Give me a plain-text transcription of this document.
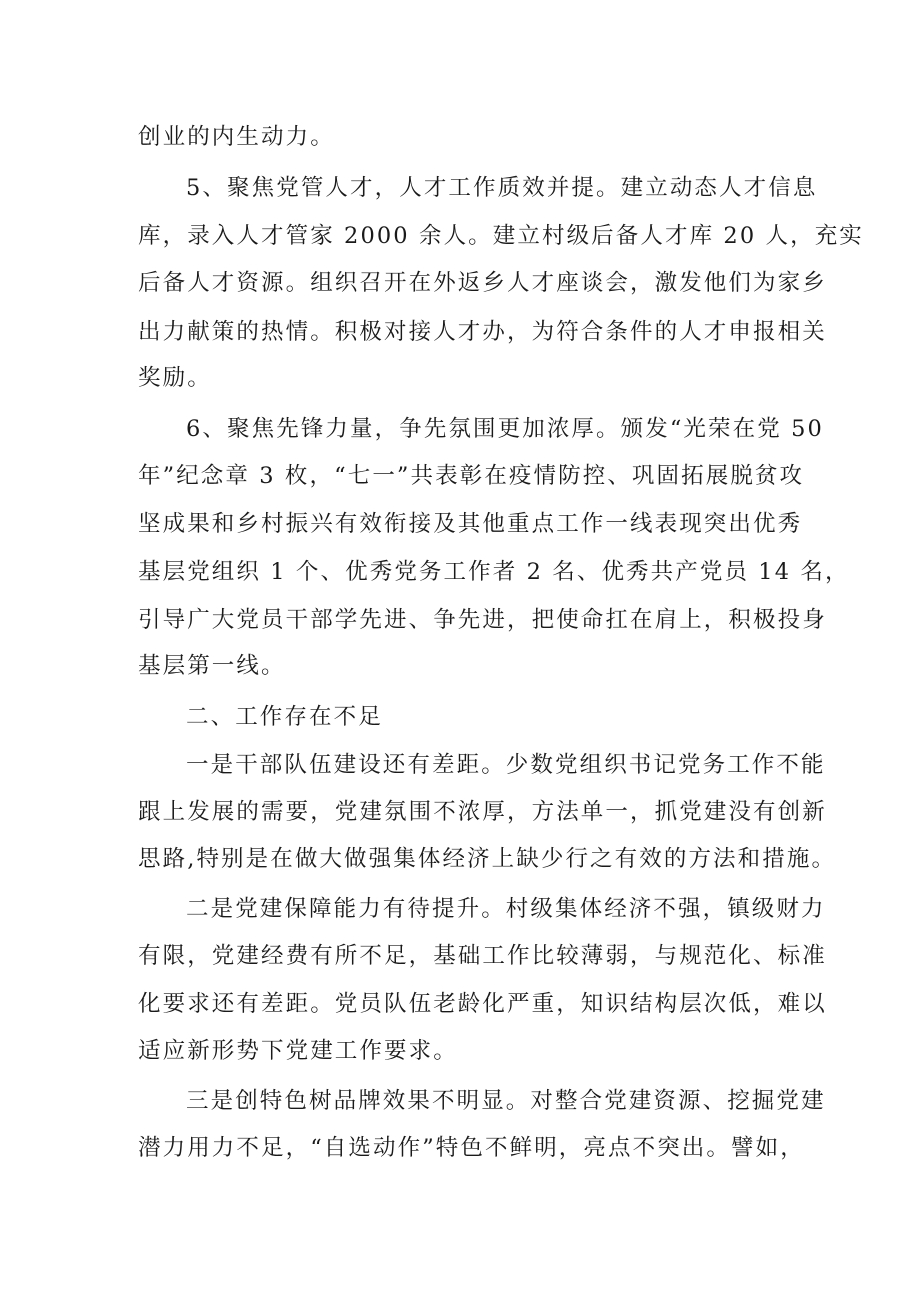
创业的内生动力。
5、聚焦党管人才，人才工作质效并提。建立动态人才信息
库，录入人才管家 2000 余人。建立村级后备人才库 20 人，充实
后备人才资源。组织召开在外返乡人才座谈会，激发他们为家乡
出力献策的热情。积极对接人才办，为符合条件的人才申报相关
奖励。
6、聚焦先锋力量，争先氛围更加浓厚。颁发“光荣在党 50
年”纪念章 3 枚，“七一”共表彰在疫情防控、巩固拓展脱贫攻
坚成果和乡村振兴有效衔接及其他重点工作一线表现突出优秀
基层党组织 1 个、优秀党务工作者 2 名、优秀共产党员 14 名，
引导广大党员干部学先进、争先进，把使命扛在肩上，积极投身
基层第一线。
二、工作存在不足
一是干部队伍建设还有差距。少数党组织书记党务工作不能
跟上发展的需要，党建氛围不浓厚，方法单一，抓党建没有创新
思路,特别是在做大做强集体经济上缺少行之有效的方法和措施。
二是党建保障能力有待提升。村级集体经济不强，镇级财力
有限，党建经费有所不足，基础工作比较薄弱，与规范化、标准
化要求还有差距。党员队伍老龄化严重，知识结构层次低，难以
适应新形势下党建工作要求。
三是创特色树品牌效果不明显。对整合党建资源、挖掘党建
潜力用力不足，“自选动作”特色不鲜明，亮点不突出。譬如，
